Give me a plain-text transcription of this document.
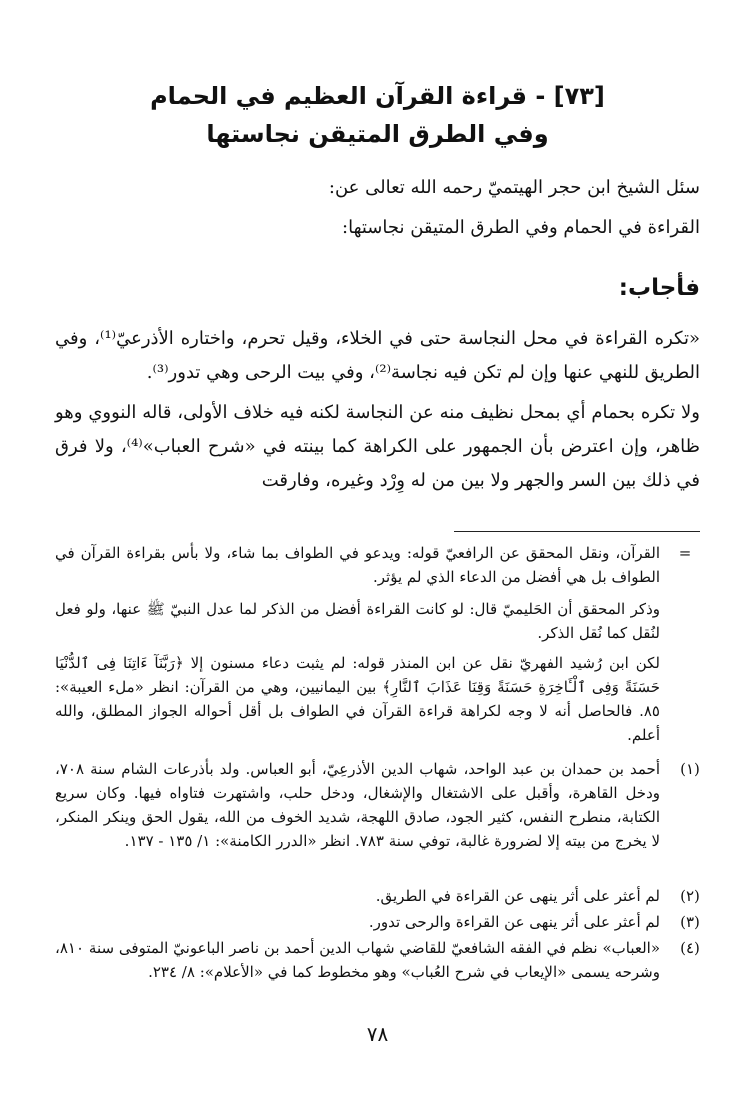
[٧٣] - قراءة القرآن العظيم في الحمام
وفي الطرق المتيقن نجاستها
سئل الشيخ ابن حجر الهيتميّ رحمه الله تعالى عن:
القراءة في الحمام وفي الطرق المتيقن نجاستها:
فأجاب:
«تكره القراءة في محل النجاسة حتى في الخلاء، وقيل تحرم، واختاره الأذرعيّ⁽¹⁾، وفي الطريق للنهي عنها وإن لم تكن فيه نجاسة⁽²⁾، وفي بيت الرحى وهي تدور⁽³⁾.
ولا تكره بحمام أي بمحل نظيف منه عن النجاسة لكنه فيه خلاف الأولى، قاله النووي وهو ظاهر، وإن اعترض بأن الجمهور على الكراهة كما بينته في «شرح العباب»⁽⁴⁾، ولا فرق في ذلك بين السر والجهر ولا بين من له وِرْد وغيره، وفارقت
=
القرآن، ونقل المحقق عن الرافعيّ قوله: ويدعو في الطواف بما شاء، ولا بأس بقراءة القرآن في الطواف بل هي أفضل من الدعاء الذي لم يؤثر.
وذكر المحقق أن الحَليميّ قال: لو كانت القراءة أفضل من الذكر لما عدل النبيّ ﷺ عنها، ولو فعل لنُقل كما نُقل الذكر.
لكن ابن رُشيد الفهريّ نقل عن ابن المنذر قوله: لم يثبت دعاء مسنون إلا ﴿رَبَّنَآ ءَاتِنَا فِى ٱلدُّنْيَا حَسَنَةً وَفِى ٱلْـَٔاخِرَةِ حَسَنَةً وَقِنَا عَذَابَ ٱلنَّارِ﴾ بين اليمانيين، وهي من القرآن: انظر «ملء العيبة»: ٨٥. فالحاصل أنه لا وجه لكراهة قراءة القرآن في الطواف بل أقل أحواله الجواز المطلق، والله أعلم.
(١)
أحمد بن حمدان بن عبد الواحد، شهاب الدين الأذرعِيّ، أبو العباس. ولد بأذرعات الشام سنة ٧٠٨، ودخل القاهرة، وأقبل على الاشتغال والإشغال، ودخل حلب، واشتهرت فتاواه فيها. وكان سريع الكتابة، منطرح النفس، كثير الجود، صادق اللهجة، شديد الخوف من الله، يقول الحق وينكر المنكر، لا يخرج من بيته إلا لضرورة غالبة، توفي سنة ٧٨٣. انظر «الدرر الكامنة»: ١/ ١٣٥ - ١٣٧.
(٢)
لم أعثر على أثر ينهى عن القراءة في الطريق.
(٣)
لم أعثر على أثر ينهى عن القراءة والرحى تدور.
(٤)
«العباب» نظم في الفقه الشافعيّ للقاضي شهاب الدين أحمد بن ناصر الباعونيّ المتوفى سنة ٨١٠، وشرحه يسمى «الإيعاب في شرح العُباب» وهو مخطوط كما في «الأعلام»: ٨/ ٢٣٤.
٧٨
